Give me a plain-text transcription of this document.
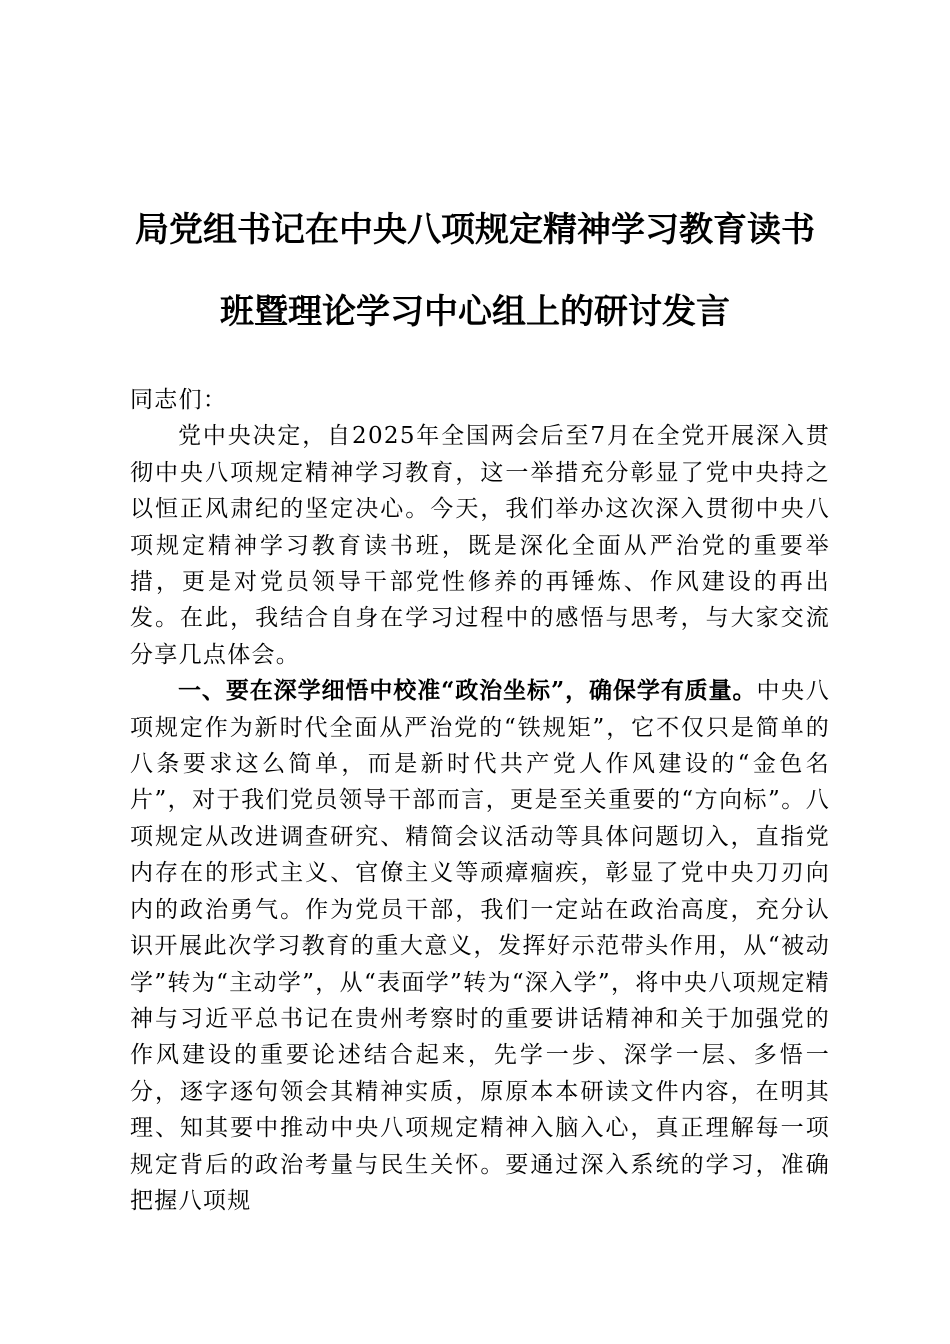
局党组书记在中央八项规定精神学习教育读书
班暨理论学习中心组上的研讨发言

同志们：

党中央决定，自2025年全国两会后至7月在全党开展深入贯彻中央八项规定精神学习教育，这一举措充分彰显了党中央持之以恒正风肃纪的坚定决心。今天，我们举办这次深入贯彻中央八项规定精神学习教育读书班，既是深化全面从严治党的重要举措，更是对党员领导干部党性修养的再锤炼、作风建设的再出发。在此，我结合自身在学习过程中的感悟与思考，与大家交流分享几点体会。

一、要在深学细悟中校准“政治坐标”，确保学有质量。中央八项规定作为新时代全面从严治党的“铁规矩”，它不仅只是简单的八条要求这么简单，而是新时代共产党人作风建设的“金色名片”，对于我们党员领导干部而言，更是至关重要的“方向标”。八项规定从改进调查研究、精简会议活动等具体问题切入，直指党内存在的形式主义、官僚主义等顽瘴痼疾，彰显了党中央刀刃向内的政治勇气。作为党员干部，我们一定站在政治高度，充分认识开展此次学习教育的重大意义，发挥好示范带头作用，从“被动学”转为“主动学”，从“表面学”转为“深入学”，将中央八项规定精神与习近平总书记在贵州考察时的重要讲话精神和关于加强党的作风建设的重要论述结合起来，先学一步、深学一层、多悟一分，逐字逐句领会其精神实质，原原本本研读文件内容，在明其理、知其要中推动中央八项规定精神入脑入心，真正理解每一项规定背后的政治考量与民生关怀。要通过深入系统的学习，准确把握八项规
